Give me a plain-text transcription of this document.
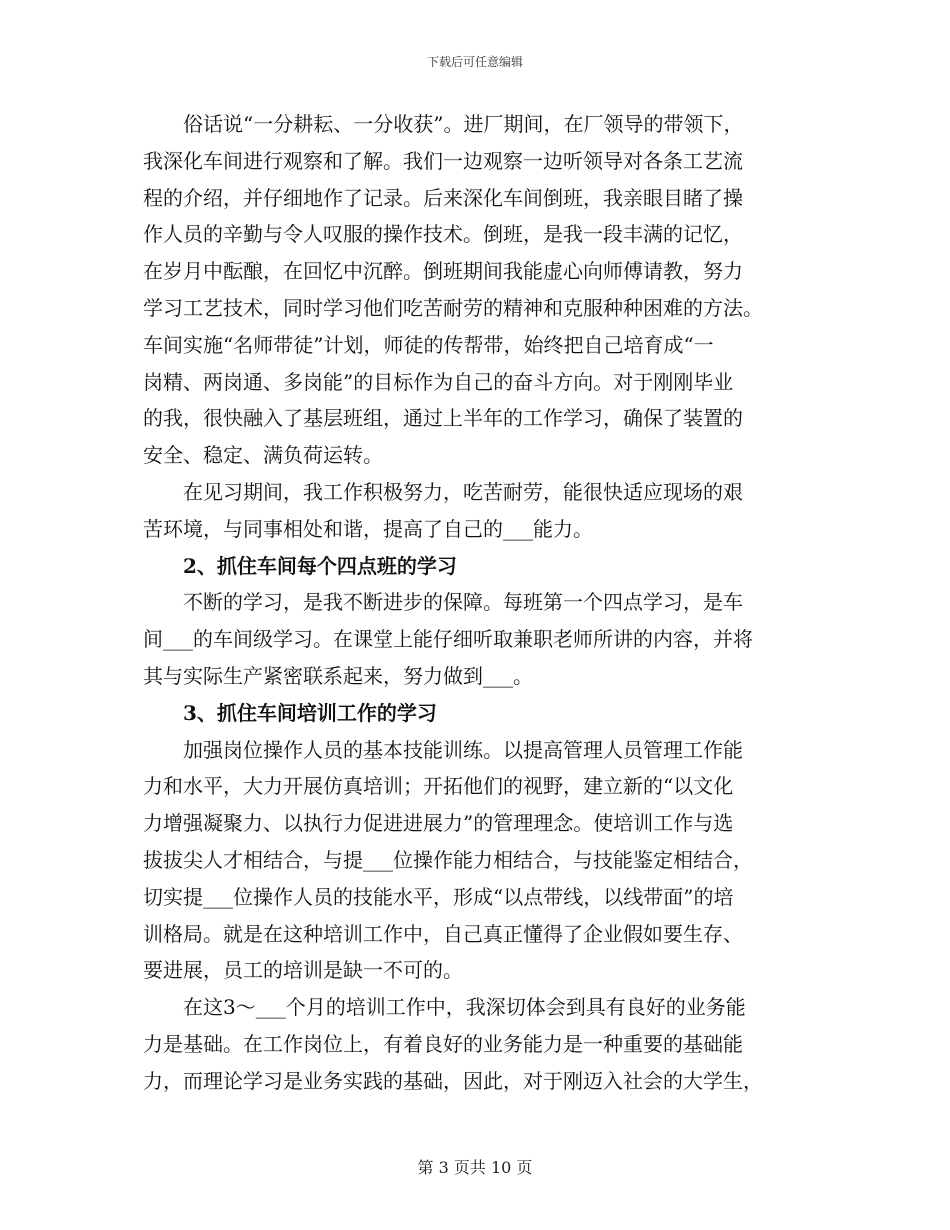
下载后可任意编辑
　　俗话说“一分耕耘、一分收获”。进厂期间，在厂领导的带领下，
我深化车间进行观察和了解。我们一边观察一边听领导对各条工艺流
程的介绍，并仔细地作了记录。后来深化车间倒班，我亲眼目睹了操
作人员的辛勤与令人叹服的操作技术。倒班，是我一段丰满的记忆，
在岁月中酝酿，在回忆中沉醉。倒班期间我能虚心向师傅请教，努力
学习工艺技术，同时学习他们吃苦耐劳的精神和克服种种困难的方法。
车间实施“名师带徒”计划，师徒的传帮带，始终把自己培育成“一
岗精、两岗通、多岗能”的目标作为自己的奋斗方向。对于刚刚毕业
的我，很快融入了基层班组，通过上半年的工作学习，确保了装置的
安全、稳定、满负荷运转。
　　在见习期间，我工作积极努力，吃苦耐劳，能很快适应现场的艰
苦环境，与同事相处和谐，提高了自己的___能力。
2、抓住车间每个四点班的学习
　　不断的学习，是我不断进步的保障。每班第一个四点学习，是车
间___的车间级学习。在课堂上能仔细听取兼职老师所讲的内容，并将
其与实际生产紧密联系起来，努力做到___。
3、抓住车间培训工作的学习
　　加强岗位操作人员的基本技能训练。以提高管理人员管理工作能
力和水平，大力开展仿真培训；开拓他们的视野，建立新的“以文化
力增强凝聚力、以执行力促进进展力”的管理理念。使培训工作与选
拔拔尖人才相结合，与提___位操作能力相结合，与技能鉴定相结合，
切实提___位操作人员的技能水平，形成“以点带线，以线带面”的培
训格局。就是在这种培训工作中，自己真正懂得了企业假如要生存、
要进展，员工的培训是缺一不可的。
　　在这3～___个月的培训工作中，我深切体会到具有良好的业务能
力是基础。在工作岗位上，有着良好的业务能力是一种重要的基础能
力，而理论学习是业务实践的基础，因此，对于刚迈入社会的大学生，
第 3 页共 10 页
